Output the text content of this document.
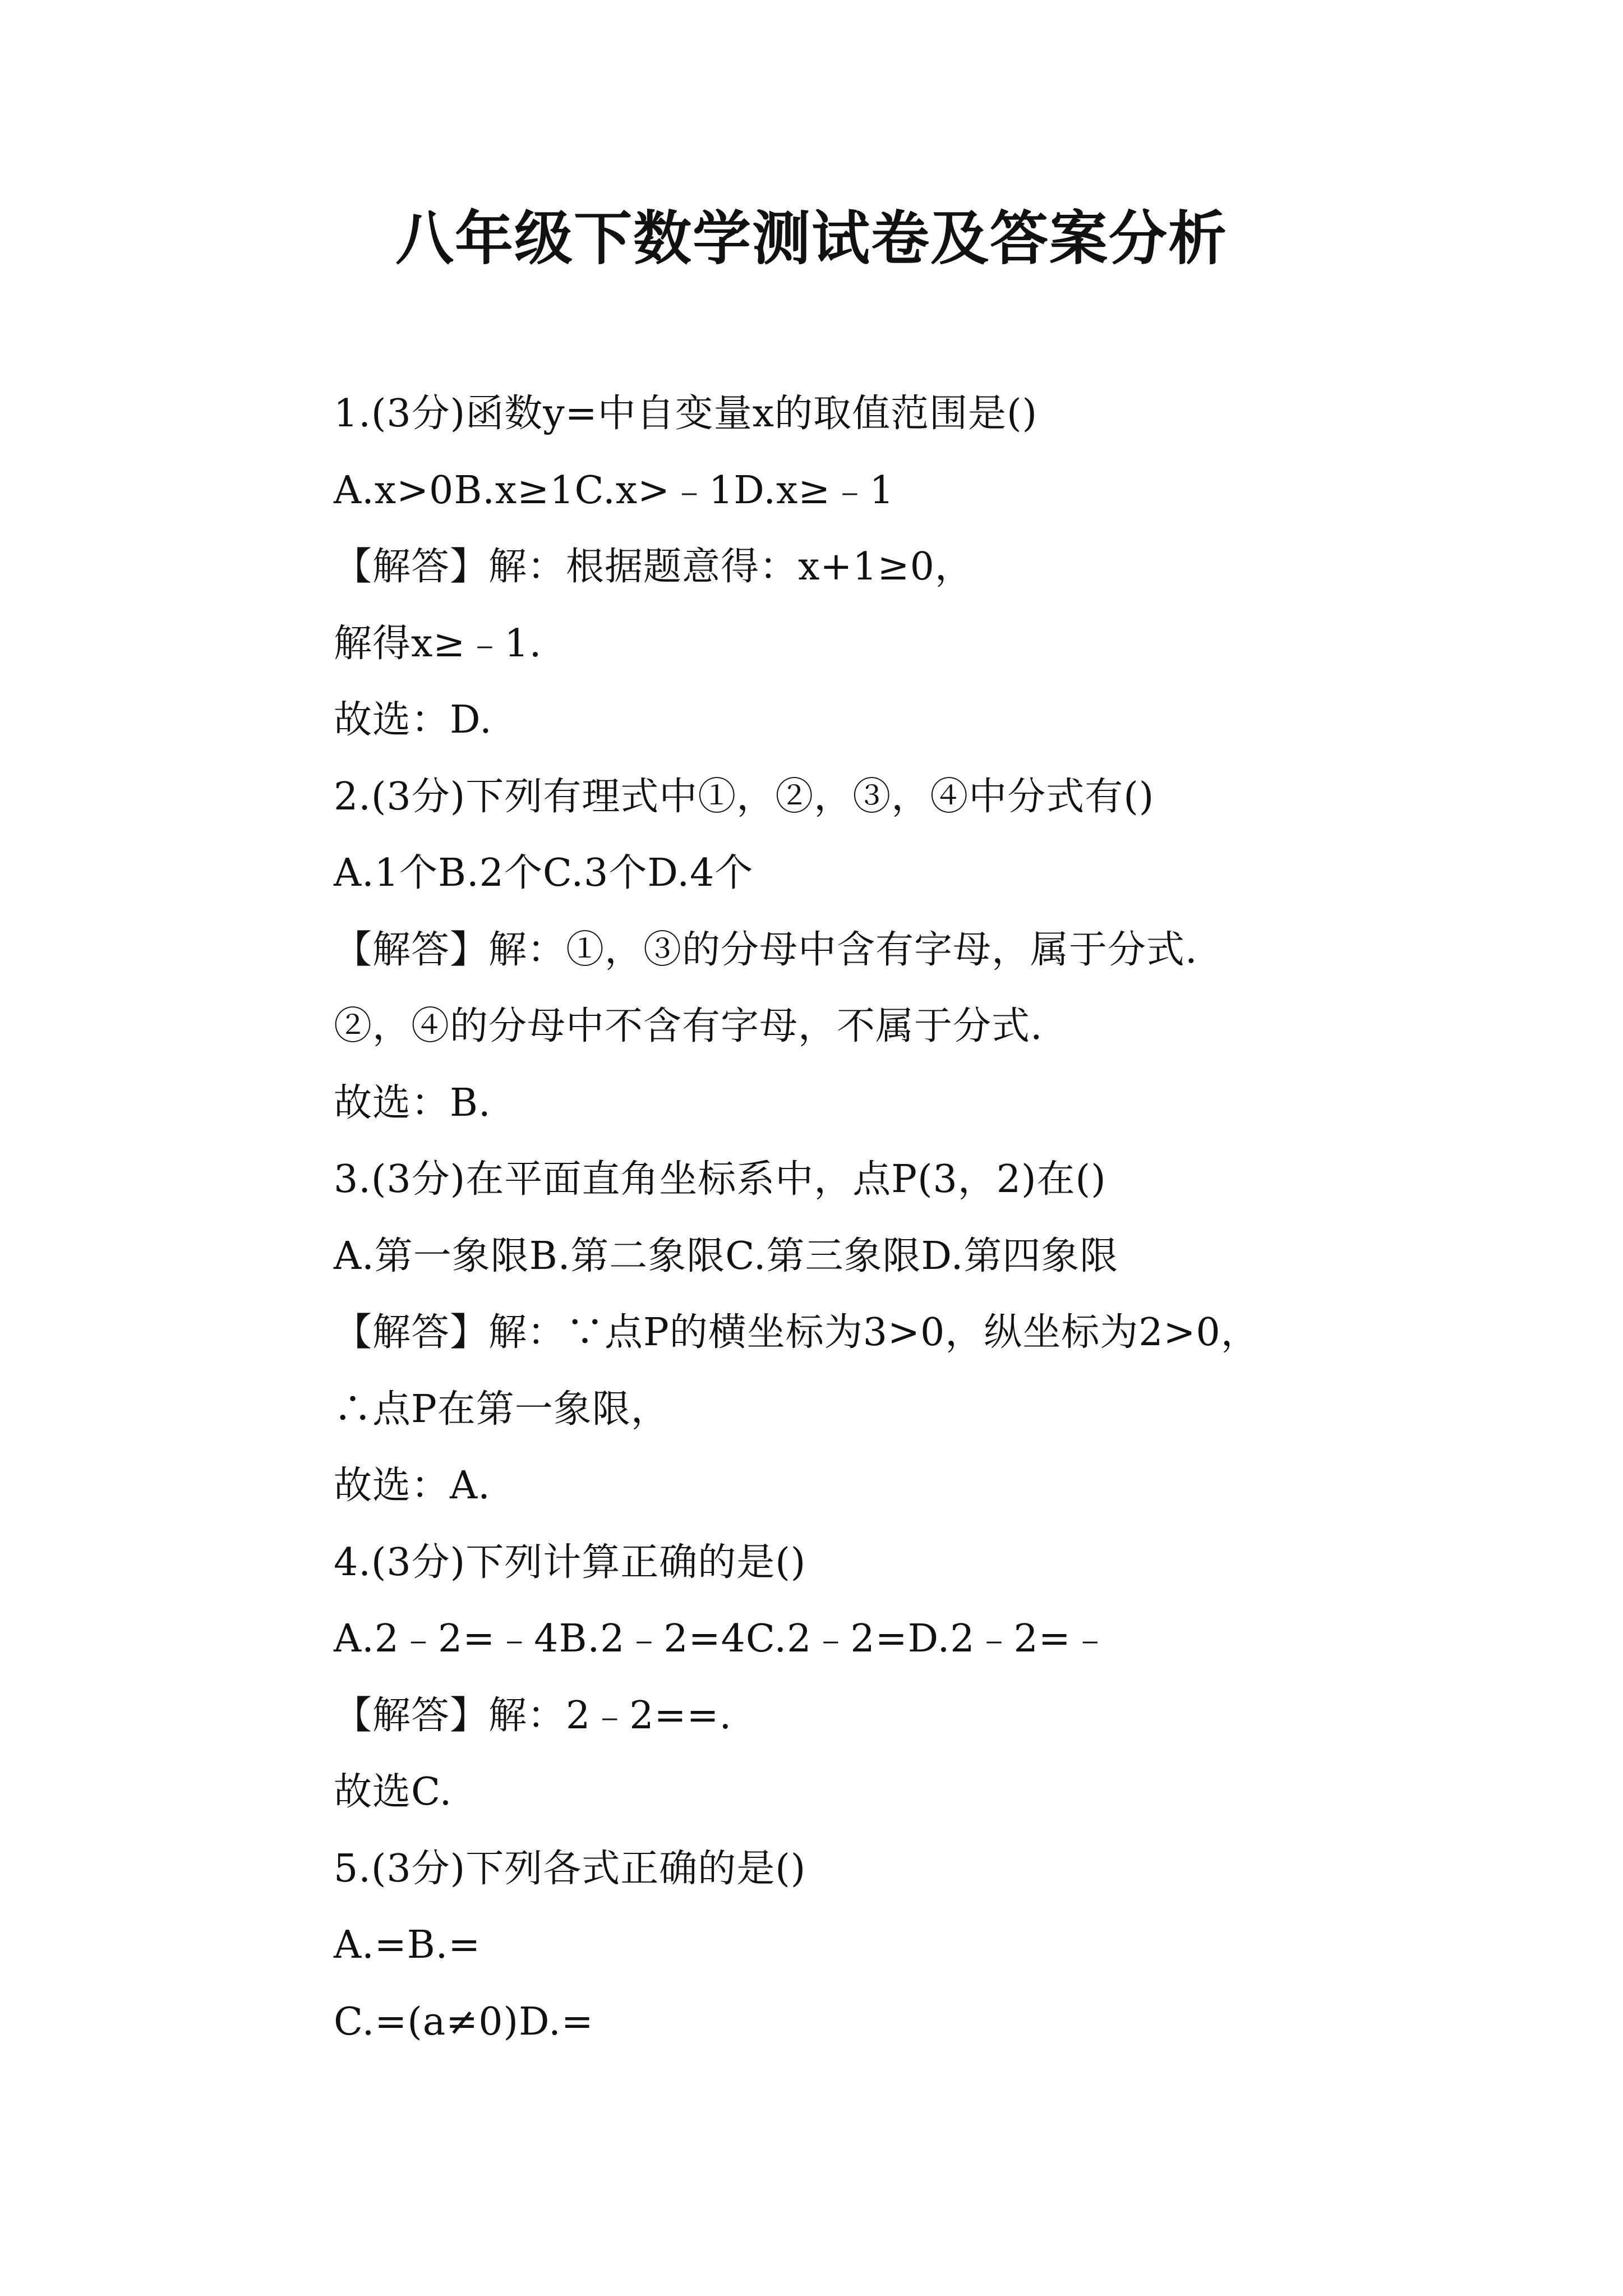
八年级下数学测试卷及答案分析
1.(3分)函数y=中自变量x的取值范围是()
A.x>0B.x≥1C.x>﹣1D.x≥﹣1
【解答】解：根据题意得：x+1≥0，
解得x≥﹣1.
故选：D.
2.(3分)下列有理式中①，②，③，④中分式有()
A.1个B.2个C.3个D.4个
【解答】解：①，③的分母中含有字母，属于分式.
②，④的分母中不含有字母，不属于分式.
故选：B.
3.(3分)在平面直角坐标系中，点P(3，2)在()
A.第一象限B.第二象限C.第三象限D.第四象限
【解答】解：∵点P的横坐标为3>0，纵坐标为2>0，
∴点P在第一象限，
故选：A.
4.(3分)下列计算正确的是()
A.2﹣2=﹣4B.2﹣2=4C.2﹣2=D.2﹣2=﹣
【解答】解：2﹣2==.
故选C.
5.(3分)下列各式正确的是()
A.=B.=
C.=(a≠0)D.=
